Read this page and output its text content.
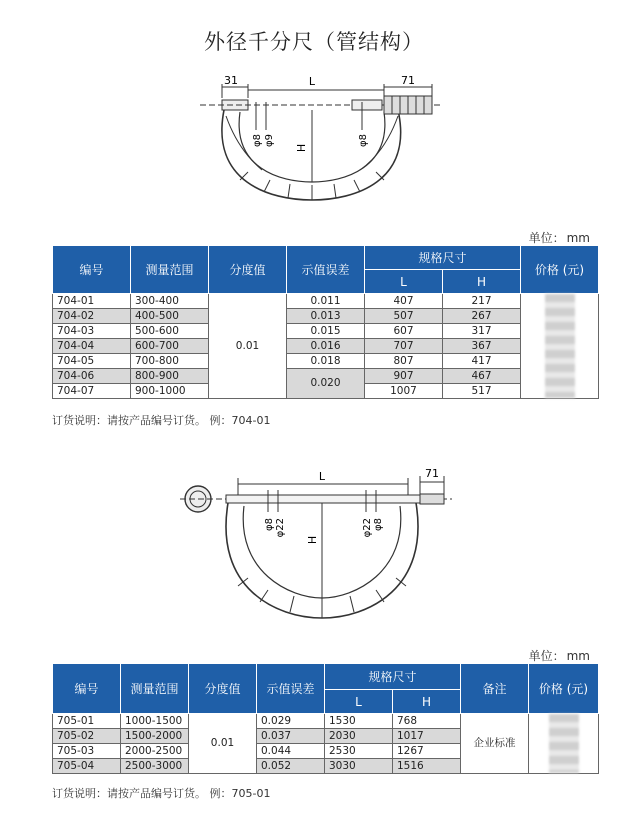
外径千分尺（管结构）
31	L	71
H
φ8 φ9	φ8
单位： mm
编号	测量范围	分度值	示值误差	规格尺寸		价格 (元)
				L	H	
704-01	300-400	0.01	0.011	407	217	

704-02	400-500		0.013	507	267	
704-03	500-600		0.015	607	317	
704-04	600-700		0.016	707	367	
704-05	700-800		0.018	807	417	
704-06	800-900		0.020	907	467	
704-07	900-1000			1007	517	
订货说明：请按产品编号订货。 例：704-01
L	71
H
φ8 φ22	φ22 φ8
单位： mm
编号	测量范围	分度值	示值误差	规格尺寸		备注	价格 (元)
				L	H		
705-01	1000-1500	0.01	0.029	1530	768	企业标准	

705-02	1500-2000		0.037	2030	1017		
705-03	2000-2500		0.044	2530	1267		
705-04	2500-3000		0.052	3030	1516		
订货说明：请按产品编号订货。 例：705-01
